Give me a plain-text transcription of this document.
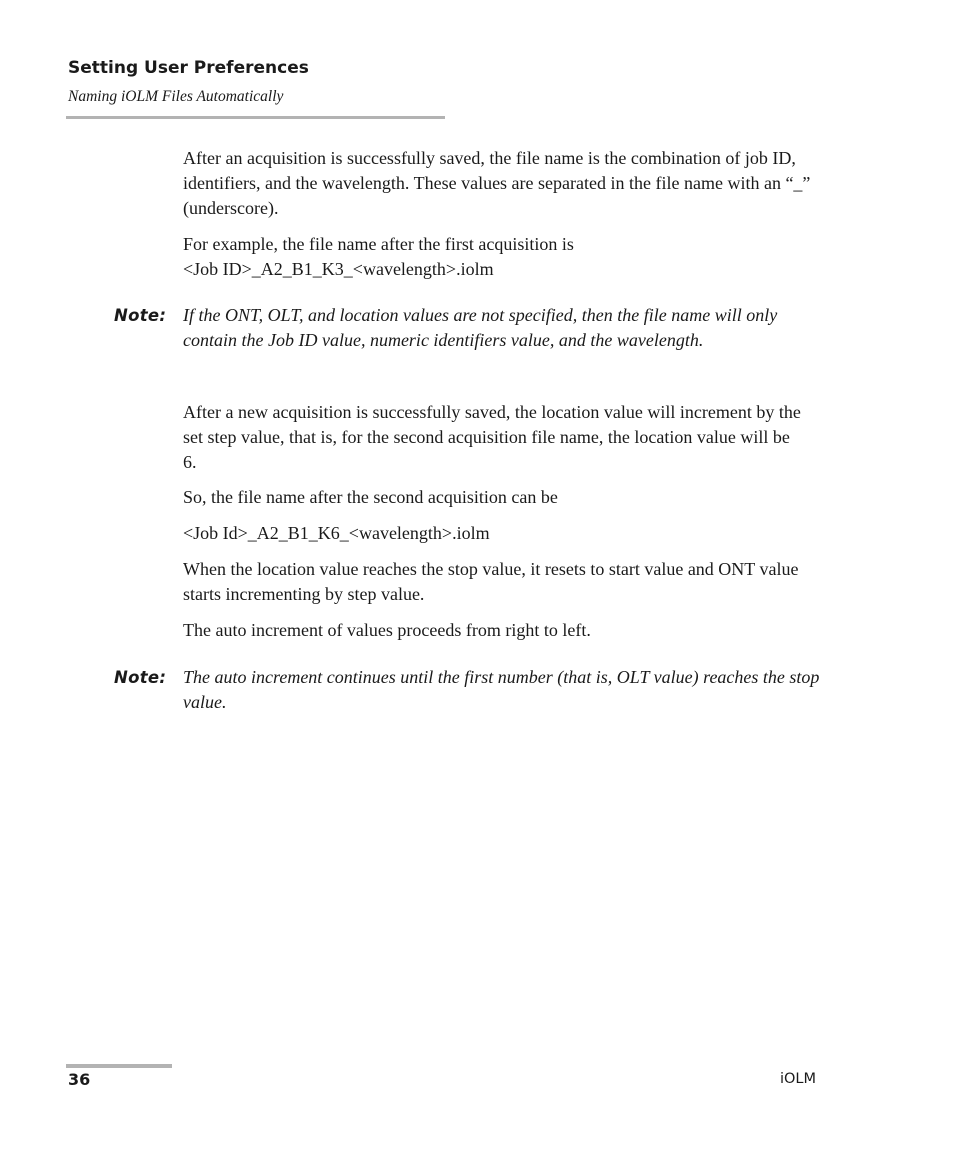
Setting User Preferences
Naming iOLM Files Automatically

After an acquisition is successfully saved, the file name is the combination of job ID, identifiers, and the wavelength. These values are separated in the file name with an “_” (underscore).

For example, the file name after the first acquisition is
<Job ID>_A2_B1_K3_<wavelength>.iolm
Note: If the ONT, OLT, and location values are not specified, then the file name will only contain the Job ID value, numeric identifiers value, and the wavelength.

After a new acquisition is successfully saved, the location value will increment by the set step value, that is, for the second acquisition file name, the location value will be 6.

So, the file name after the second acquisition can be

<Job Id>_A2_B1_K6_<wavelength>.iolm

When the location value reaches the stop value, it resets to start value and ONT value starts incrementing by step value.

The auto increment of values proceeds from right to left.

Note: The auto increment continues until the first number (that is, OLT value) reaches the stop value.

36	iOLM
